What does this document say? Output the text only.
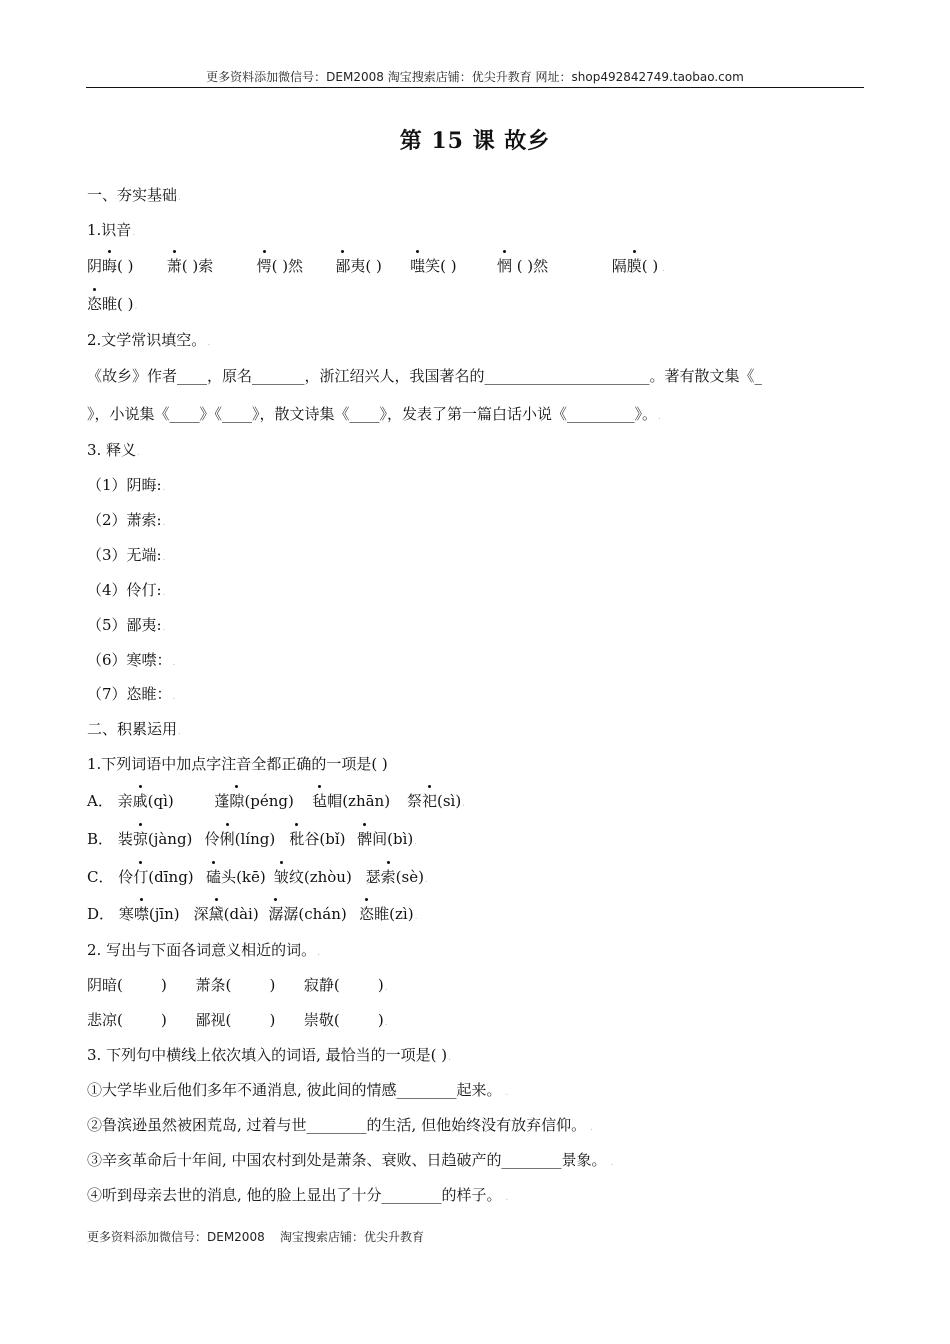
更多资料添加微信号：DEM2008 淘宝搜索店铺：优尖升教育 网址：shop492842749.taobao.com
第 15 课 故乡
一、夯实基础.
1.识音.
阴晦( ) 萧( )索	愕( )然 鄙夷( ) 嗤笑( )	惘 ( )然	隔膜( ) .
恣睢( ).
2.文学常识填空。.
《故乡》作者____，原名_______，浙江绍兴人，我国著名的______________________。著有散文集《_
》，小说集《____》《____》，散文诗集《____》，发表了第一篇白话小说《_________》。.
3. 释义.
（1）阴晦:.
（2）萧索:.
（3）无端:.
（4）伶仃:.
（5）鄙夷:.
（6）寒噤：.
（7）恣睢：.
二、积累运用.
1.下列词语中加点字注音全都正确的一项是( )
A． 亲戚(qì)	蓬隙(péng) 毡帽(zhān) 祭祀(sì).
B． 装弶(jàng) 伶俐(líng) 秕谷(bǐ) 髀间(bì).
C． 伶仃(dīng) 磕头(kē) 皱纹(zhòu) 瑟索(sè).
D． 寒噤(jīn) 深黛(dài) 潺潺(chán) 恣睢(zì).
2. 写出与下面各词意义相近的词。.
阴暗(        )      萧条(        )      寂静(        ).
悲凉(        )      鄙视(        )      崇敬(        ).
3. 下列句中横线上依次填入的词语, 最恰当的一项是( ).
①大学毕业后他们多年不通消息, 彼此间的情感________起来。 .
②鲁滨逊虽然被困荒岛, 过着与世________的生活, 但他始终没有放弃信仰。 .
③辛亥革命后十年间, 中国农村到处是萧条、衰败、日趋破产的________景象。 .
④听到母亲去世的消息, 他的脸上显出了十分________的样子。 .
更多资料添加微信号：DEM2008    淘宝搜索店铺：优尖升教育
